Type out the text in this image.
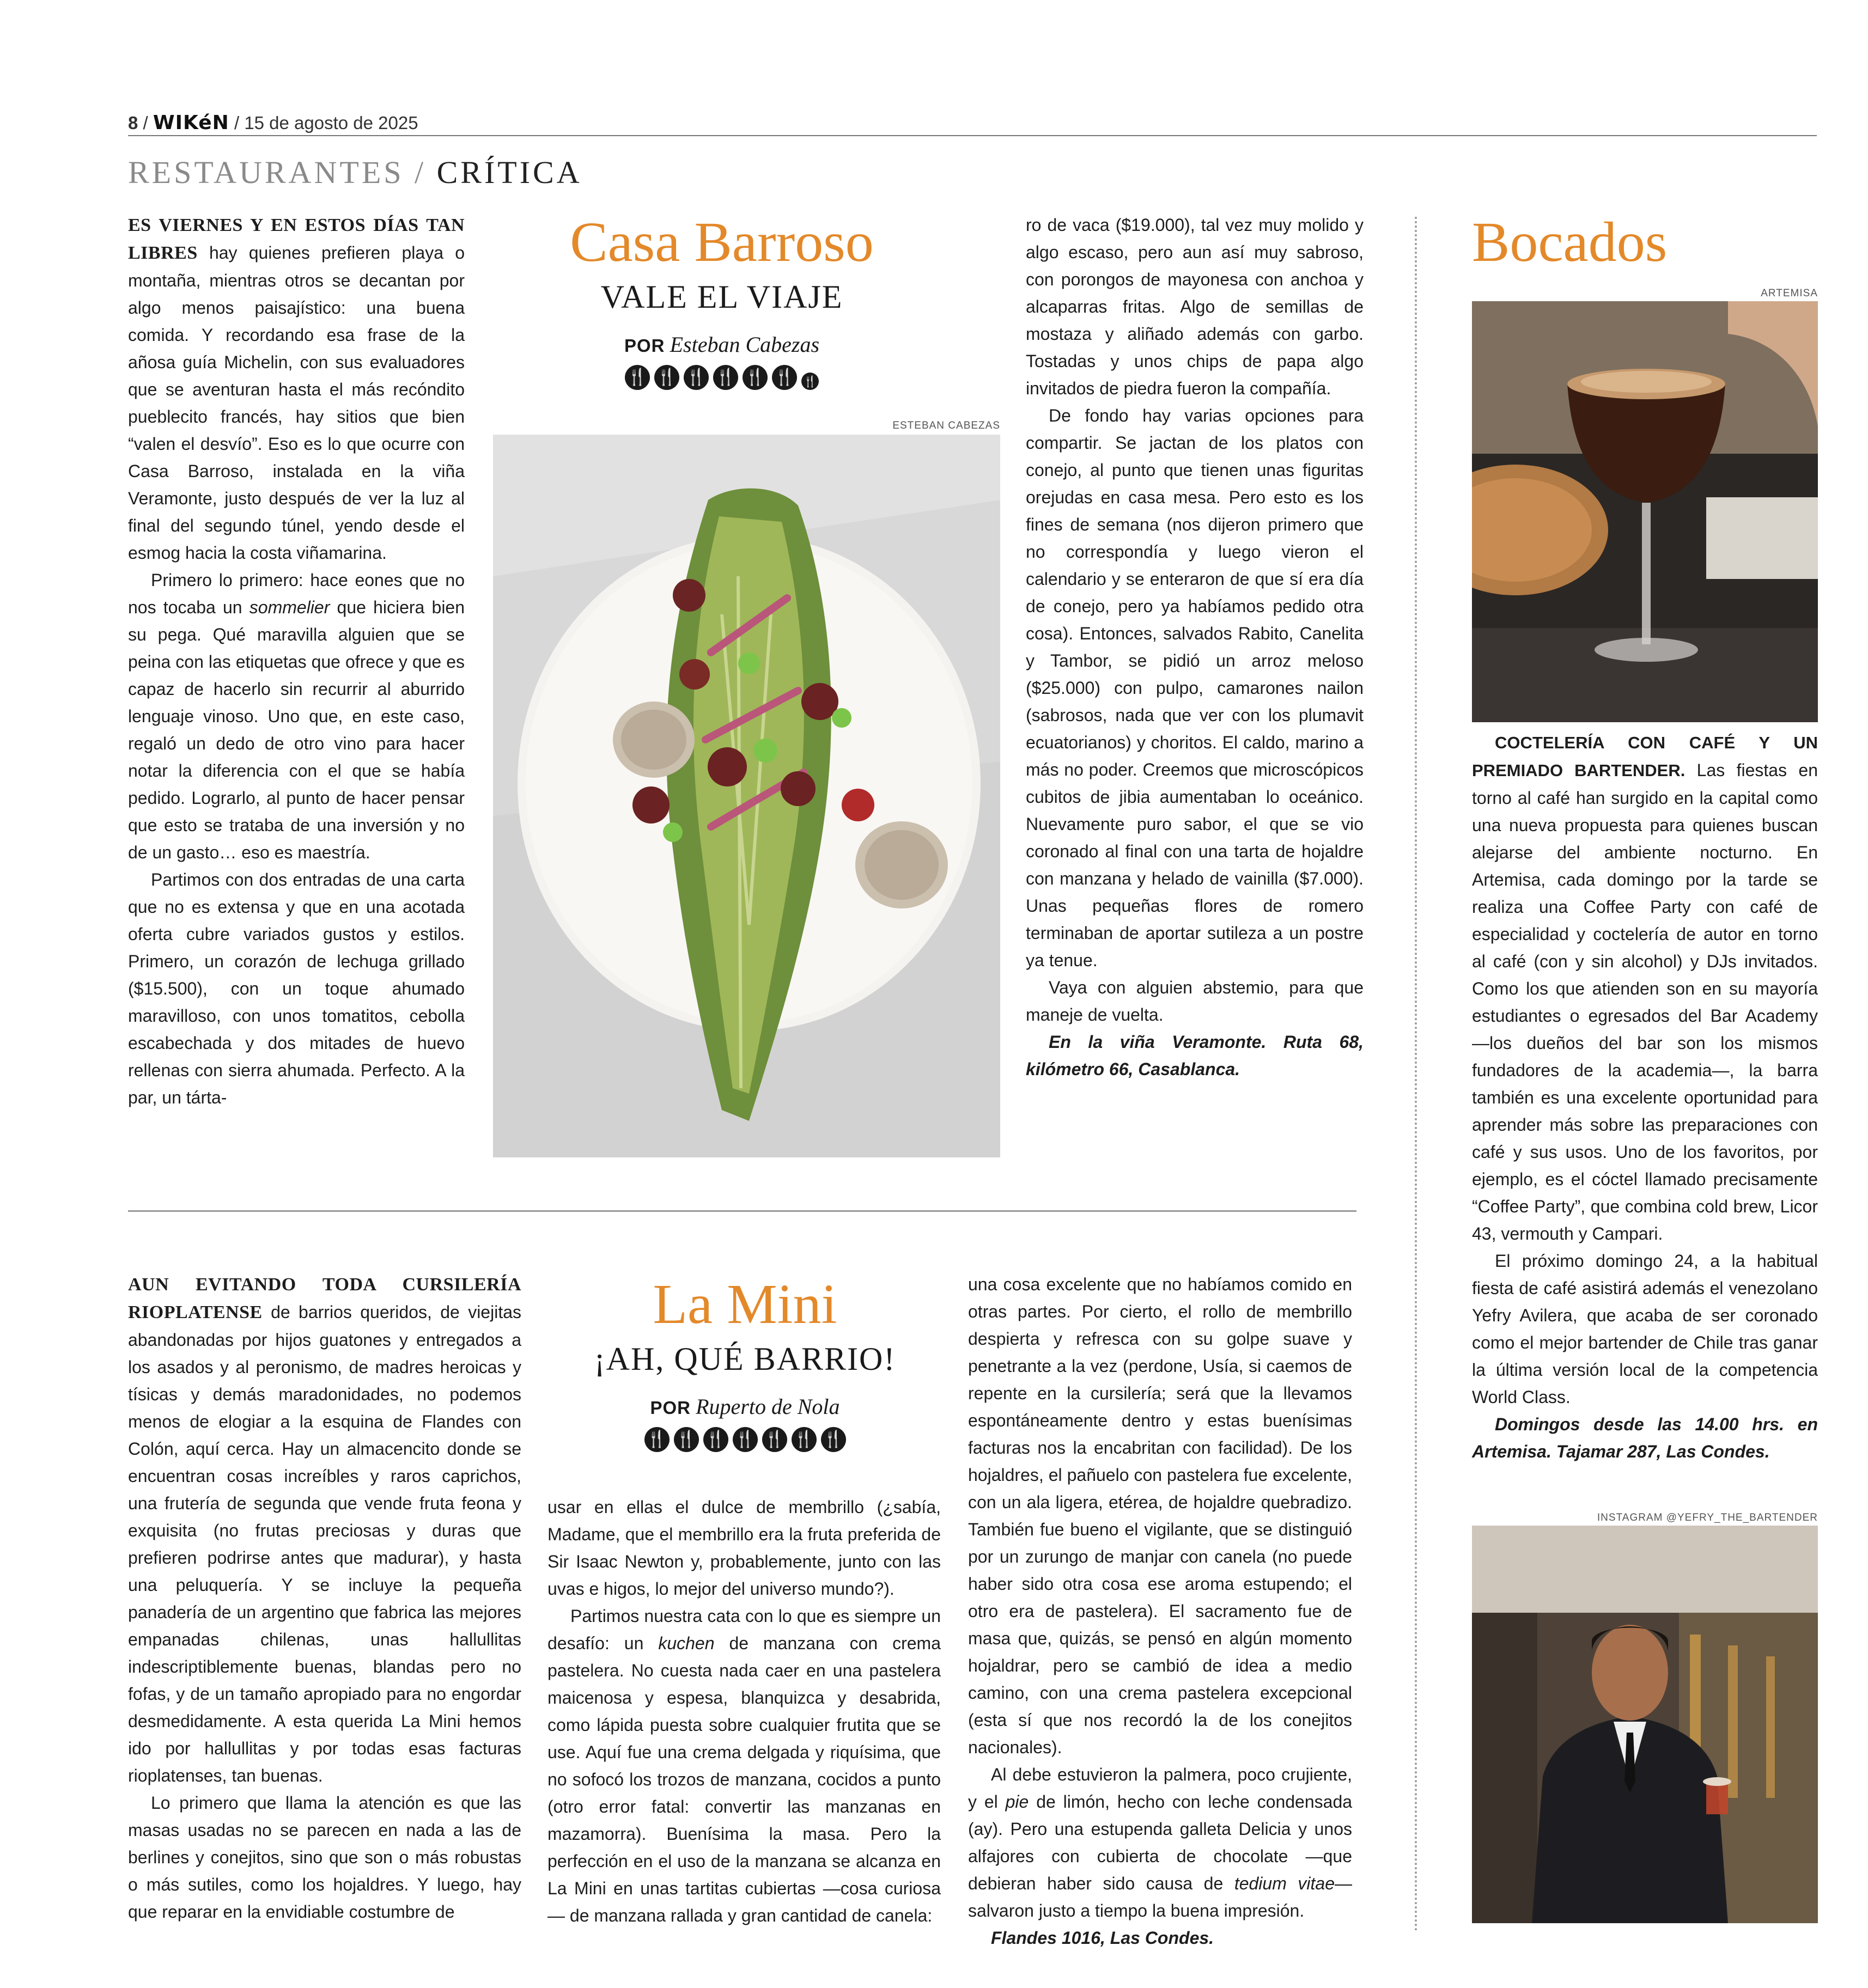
8 / WIKéN / 15 de agosto de 2025
RESTAURANTES / CRÍTICA

ES VIERNES Y EN ESTOS DÍAS TAN LIBRES hay quienes prefieren playa o montaña, mientras otros se decantan por algo menos paisajístico: una buena comida. Y recordando esa frase de la añosa guía Michelin, con sus evaluadores que se aventuran hasta el más recóndito pueblecito francés, hay sitios que bien “valen el desvío”. Eso es lo que ocurre con Casa Barroso, instalada en la viña Veramonte, justo después de ver la luz al final del segundo túnel, yendo desde el esmog hacia la costa viñamarina.

Primero lo primero: hace eones que no nos tocaba un sommelier que hiciera bien su pega. Qué maravilla alguien que se peina con las etiquetas que ofrece y que es capaz de hacerlo sin recurrir al aburrido lenguaje vinoso. Uno que, en este caso, regaló un dedo de otro vino para hacer notar la diferencia con el que se había pedido. Lograrlo, al punto de hacer pensar que esto se trataba de una inversión y no de un gasto… eso es maestría.

Partimos con dos entradas de una carta que no es extensa y que en una acotada oferta cubre variados gustos y estilos. Primero, un corazón de lechuga grillado ($15.500), con un toque ahumado maravilloso, con unos tomatitos, cebolla escabechada y dos mitades de huevo rellenas con sierra ahumada. Perfecto. A la par, un tárta-

Casa Barroso
VALE EL VIAJE
POR Esteban Cabezas
🍴 🍴 🍴 🍴 🍴 🍴 🍴
ESTEBAN CABEZAS

ro de vaca ($19.000), tal vez muy molido y algo escaso, pero aun así muy sabroso, con porongos de mayonesa con anchoa y alcaparras fritas. Algo de semillas de mostaza y aliñado además con garbo. Tostadas y unos chips de papa algo invitados de piedra fueron la compañía.

De fondo hay varias opciones para compartir. Se jactan de los platos con conejo, al punto que tienen unas figuritas orejudas en casa mesa. Pero esto es los fines de semana (nos dijeron primero que no correspondía y luego vieron el calendario y se enteraron de que sí era día de conejo, pero ya habíamos pedido otra cosa). Entonces, salvados Rabito, Canelita y Tambor, se pidió un arroz meloso ($25.000) con pulpo, camarones nailon (sabrosos, nada que ver con los plumavit ecuatorianos) y choritos. El caldo, marino a más no poder. Creemos que microscópicos cubitos de jibia aumentaban lo oceánico. Nuevamente puro sabor, el que se vio coronado al final con una tarta de hojaldre con manzana y helado de vainilla ($7.000). Unas pequeñas flores de romero terminaban de aportar sutileza a un postre ya tenue.

Vaya con alguien abstemio, para que maneje de vuelta.

En la viña Veramonte. Ruta 68, kilómetro 66, Casablanca.

AUN EVITANDO TODA CURSILERÍA RIOPLATENSE de barrios queridos, de viejitas abandonadas por hijos guatones y entregados a los asados y al peronismo, de madres heroicas y tísicas y demás maradonidades, no podemos menos de elogiar a la esquina de Flandes con Colón, aquí cerca. Hay un almacencito donde se encuentran cosas increíbles y raros caprichos, una frutería de segunda que vende fruta feona y exquisita (no frutas preciosas y duras que prefieren podrirse antes que madurar), y hasta una peluquería. Y se incluye la pequeña panadería de un argentino que fabrica las mejores empanadas chilenas, unas hallullitas indescriptiblemente buenas, blandas pero no fofas, y de un tamaño apropiado para no engordar desmedidamente. A esta querida La Mini hemos ido por hallullitas y por todas esas facturas rioplatenses, tan buenas.

Lo primero que llama la atención es que las masas usadas no se parecen en nada a las de berlines y conejitos, sino que son o más robustas o más sutiles, como los hojaldres. Y luego, hay que reparar en la envidiable costumbre de

La Mini
¡AH, QUÉ BARRIO!
POR Ruperto de Nola
🍴 🍴 🍴 🍴 🍴 🍴 🍴

usar en ellas el dulce de membrillo (¿sabía, Madame, que el membrillo era la fruta preferida de Sir Isaac Newton y, probablemente, junto con las uvas e higos, lo mejor del universo mundo?).

Partimos nuestra cata con lo que es siempre un desafío: un kuchen de manzana con crema pastelera. No cuesta nada caer en una pastelera maicenosa y espesa, blanquizca y desabrida, como lápida puesta sobre cualquier frutita que se use. Aquí fue una crema delgada y riquísima, que no sofocó los trozos de manzana, cocidos a punto (otro error fatal: convertir las manzanas en mazamorra). Buenísima la masa. Pero la perfección en el uso de la manzana se alcanza en La Mini en unas tartitas cubiertas —cosa curiosa— de manzana rallada y gran cantidad de canela:

una cosa excelente que no habíamos comido en otras partes. Por cierto, el rollo de membrillo despierta y refresca con su golpe suave y penetrante a la vez (perdone, Usía, si caemos de repente en la cursilería; será que la llevamos espontáneamente dentro y estas buenísimas facturas nos la encabritan con facilidad). De los hojaldres, el pañuelo con pastelera fue excelente, con un ala ligera, etérea, de hojaldre quebradizo. También fue bueno el vigilante, que se distinguió por un zurungo de manjar con canela (no puede haber sido otra cosa ese aroma estupendo; el otro era de pastelera). El sacramento fue de masa que, quizás, se pensó en algún momento hojaldrar, pero se cambió de idea a medio camino, con una crema pastelera excepcional (esta sí que nos recordó la de los conejitos nacionales).

Al debe estuvieron la palmera, poco crujiente, y el pie de limón, hecho con leche condensada (ay). Pero una estupenda galleta Delicia y unos alfajores con cubierta de chocolate —que debieran haber sido causa de tedium vitae— salvaron justo a tiempo la buena impresión.

Flandes 1016, Las Condes.

Bocados
ARTEMISA

COCTELERÍA CON CAFÉ Y UN PREMIADO BARTENDER. Las fiestas en torno al café han surgido en la capital como una nueva propuesta para quienes buscan alejarse del ambiente nocturno. En Artemisa, cada domingo por la tarde se realiza una Coffee Party con café de especialidad y coctelería de autor en torno al café (con y sin alcohol) y DJs invitados. Como los que atienden son en su mayoría estudiantes o egresados del Bar Academy —los dueños del bar son los mismos fundadores de la academia—, la barra también es una excelente oportunidad para aprender más sobre las preparaciones con café y sus usos. Uno de los favoritos, por ejemplo, es el cóctel llamado precisamente “Coffee Party”, que combina cold brew, Licor 43, vermouth y Campari.

El próximo domingo 24, a la habitual fiesta de café asistirá además el venezolano Yefry Avilera, que acaba de ser coronado como el mejor bartender de Chile tras ganar la última versión local de la competencia World Class.

Domingos desde las 14.00 hrs. en Artemisa. Tajamar 287, Las Condes.

INSTAGRAM @YEFRY_THE_BARTENDER
